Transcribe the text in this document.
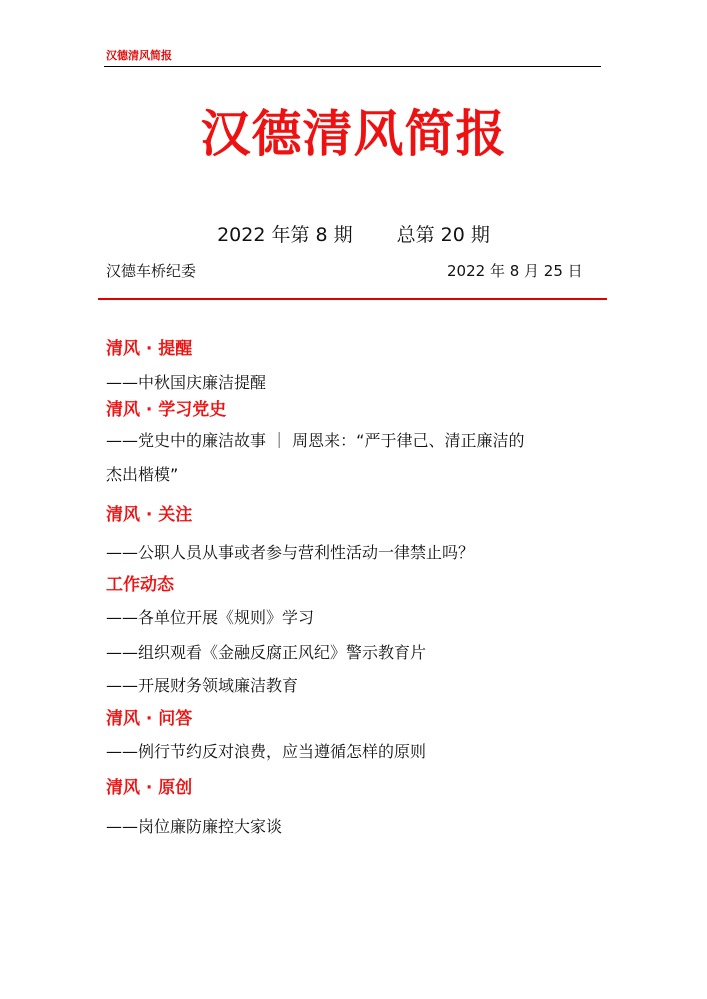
汉德清风简报
汉德清风简报
2022 年第 8 期 总第 20 期
汉德车桥纪委	2022 年 8 月 25 日
清风 · 提醒
——中秋国庆廉洁提醒
清风 · 学习党史
——党史中的廉洁故事 ｜ 周恩来：“严于律己、清正廉洁的
杰出楷模”
清风 · 关注
——公职人员从事或者参与营利性活动一律禁止吗？
工作动态
——各单位开展《规则》学习
——组织观看《金融反腐正风纪》警示教育片
——开展财务领域廉洁教育
清风 · 问答
——例行节约反对浪费，应当遵循怎样的原则
清风 · 原创
——岗位廉防廉控大家谈
